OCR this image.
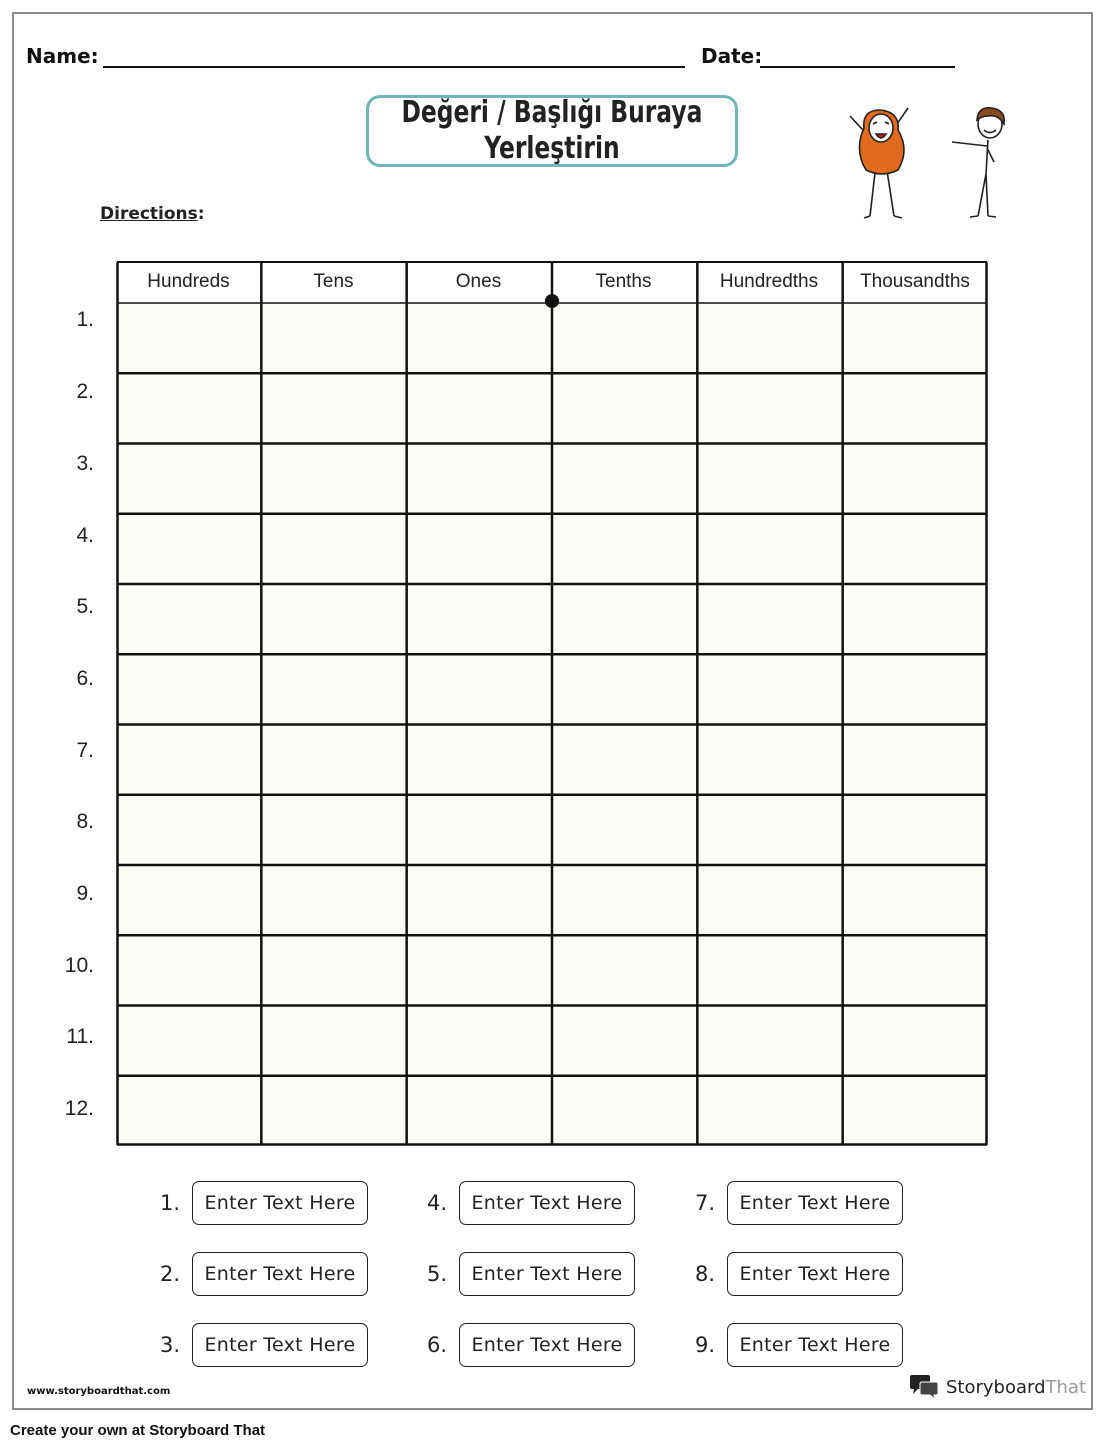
Name:	Date:
Değeri / Başlığı Buraya
Yerleştirin
Directions:
Hundreds	Tens	Ones	Tenths	Hundredths	Thousandths
1.
2.
3.
4.
5.
6.
7.
8.
9.
10.
11.
12.
1.	Enter Text Here
2.	Enter Text Here
3.	Enter Text Here
4.	Enter Text Here
5.	Enter Text Here
6.	Enter Text Here
7.	Enter Text Here
8.	Enter Text Here
9.	Enter Text Here
www.storyboardthat.com	StoryboardThat
Create your own at Storyboard That
